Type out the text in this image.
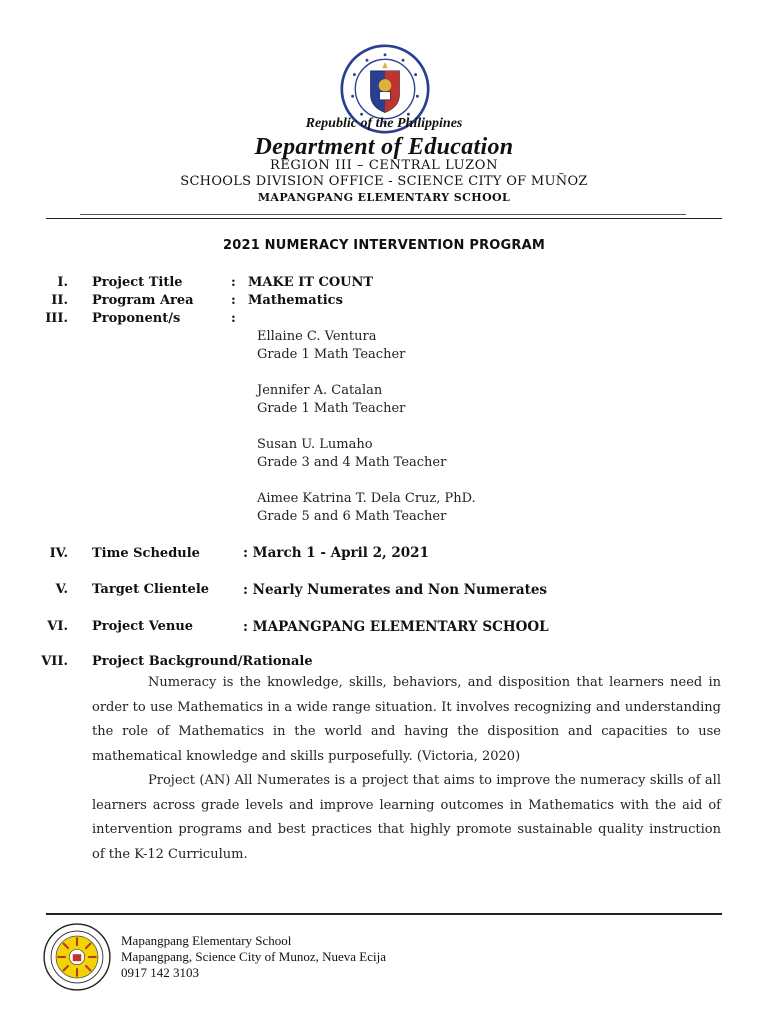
Republic of the Philippines
Department of Education
REGION III – CENTRAL LUZON
SCHOOLS DIVISION OFFICE - SCIENCE CITY OF MUÑOZ
MAPANGPANG ELEMENTARY SCHOOL
2021 NUMERACY INTERVENTION PROGRAM
I. Project Title	: MAKE IT COUNT
II. Program Area	: Mathematics
III. Proponent/s	:
Ellaine C. Ventura
Grade 1 Math Teacher
Jennifer A. Catalan
Grade 1 Math Teacher
Susan U. Lumaho
Grade 3 and 4 Math Teacher
Aimee Katrina T. Dela Cruz, PhD.
Grade 5 and 6 Math Teacher
IV. Time Schedule	: March 1 - April 2, 2021
V. Target Clientele	: Nearly Numerates and Non Numerates
VI. Project Venue	: MAPANGPANG ELEMENTARY SCHOOL
VII. Project Background/Rationale

Numeracy is the knowledge, skills, behaviors, and disposition that learners need in order to use Mathematics in a wide range situation. It involves recognizing and understanding the role of Mathematics in the world and having the disposition and capacities to use mathematical knowledge and skills purposefully. (Victoria, 2020)

Project (AN) All Numerates is a project that aims to improve the numeracy skills of all learners across grade levels and improve learning outcomes in Mathematics with the aid of intervention programs and best practices that highly promote sustainable quality instruction of the K-12 Curriculum.

Mapangpang Elementary School
Mapangpang, Science City of Munoz, Nueva Ecija
0917 142 3103
